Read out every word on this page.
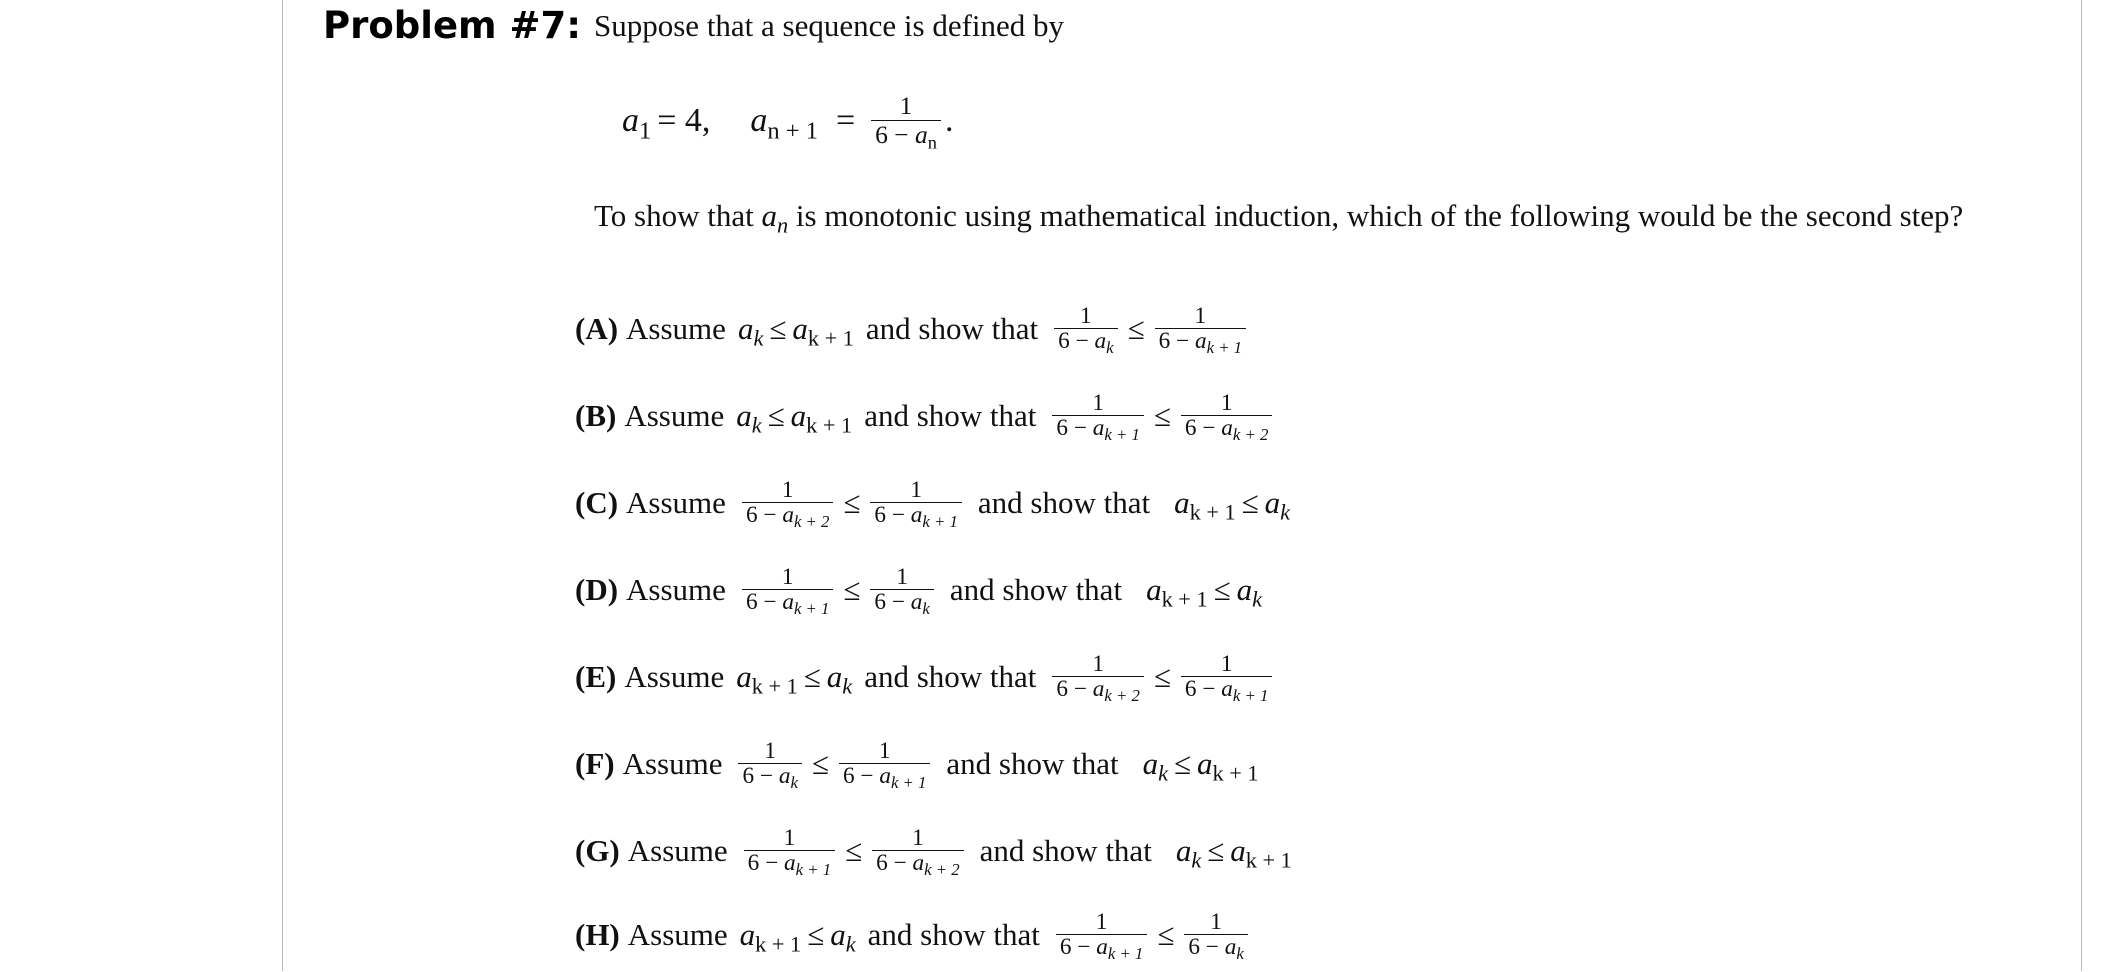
Problem #7: Suppose that a sequence is defined by
$a_1 = 4$, $a_{n + 1} = \frac{1}{6 - a_n}$ .
To show that $a_n$ is monotonic using mathematical induction, which of the following would be the second step?
(A) Assume $a_k \le a_{k + 1}$ and show that $\frac{1}{6 - a_k} \le \frac{1}{6 - a_{k + 1}}$
(B) Assume $a_k \le a_{k + 1}$ and show that $\frac{1}{6 - a_{k + 1}} \le \frac{1}{6 - a_{k + 2}}$
(C) Assume $\frac{1}{6 - a_{k + 2}} \le \frac{1}{6 - a_{k + 1}}$ and show that $a_{k + 1} \le a_k$
(D) Assume $\frac{1}{6 - a_{k + 1}} \le \frac{1}{6 - a_k}$ and show that $a_{k + 1} \le a_k$
(E) Assume $a_{k + 1} \le a_k$ and show that $\frac{1}{6 - a_{k + 2}} \le \frac{1}{6 - a_{k + 1}}$
(F) Assume $\frac{1}{6 - a_k} \le \frac{1}{6 - a_{k + 1}}$ and show that $a_k \le a_{k + 1}$
(G) Assume $\frac{1}{6 - a_{k + 1}} \le \frac{1}{6 - a_{k + 2}}$ and show that $a_k \le a_{k + 1}$
(H) Assume $a_{k + 1} \le a_k$ and show that $\frac{1}{6 - a_{k + 1}} \le \frac{1}{6 - a_k}$
